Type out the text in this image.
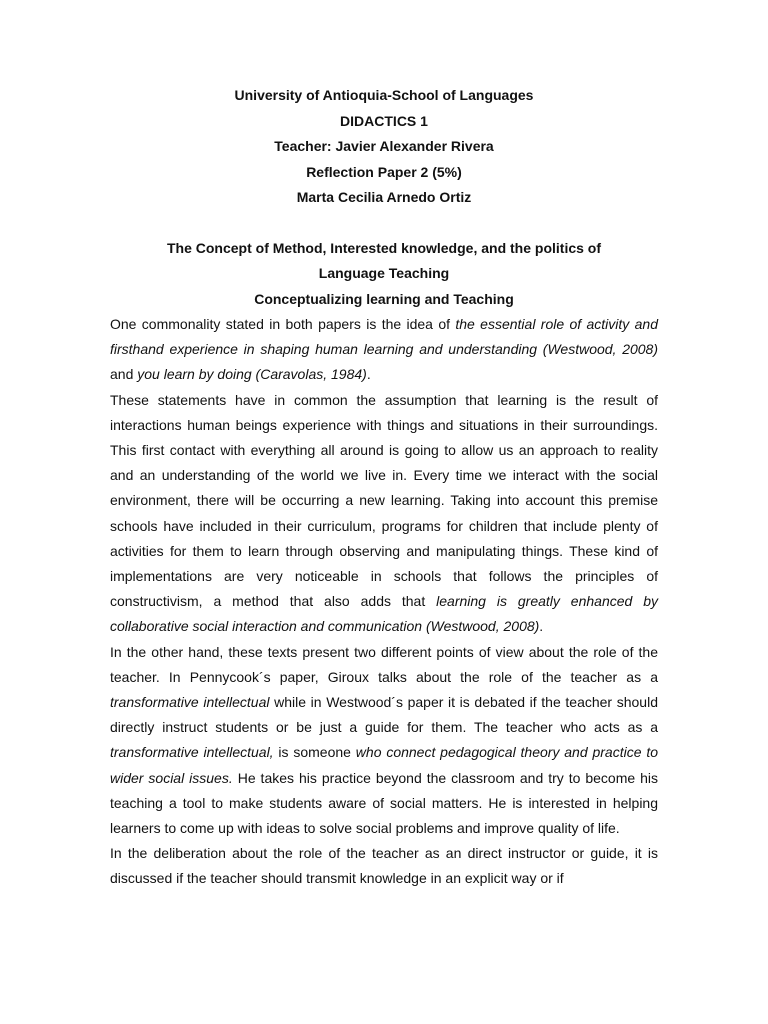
University of Antioquia-School of Languages

DIDACTICS 1

Teacher: Javier Alexander Rivera

Reflection Paper 2 (5%)

Marta Cecilia Arnedo Ortiz

The Concept of Method, Interested knowledge, and the politics of

Language Teaching

Conceptualizing learning and Teaching

One commonality stated in both papers is the idea of the essential role of activity and firsthand experience in shaping human learning and understanding (Westwood, 2008) and you learn by doing (Caravolas, 1984).

These statements have in common the assumption that learning is the result of interactions human beings experience with things and situations in their surroundings. This first contact with everything all around is going to allow us an approach to reality and an understanding of the world we live in. Every time we interact with the social environment, there will be occurring a new learning. Taking into account this premise schools have included in their curriculum, programs for children that include plenty of activities for them to learn through observing and manipulating things. These kind of implementations are very noticeable in schools that follows the principles of constructivism, a method that also adds that learning is greatly enhanced by collaborative social interaction and communication (Westwood, 2008).

In the other hand, these texts present two different points of view about the role of the teacher. In Pennycook´s paper, Giroux talks about the role of the teacher as a transformative intellectual while in Westwood´s paper it is debated if the teacher should directly instruct students or be just a guide for them. The teacher who acts as a transformative intellectual, is someone who connect pedagogical theory and practice to wider social issues. He takes his practice beyond the classroom and try to become his teaching a tool to make students aware of social matters. He is interested in helping learners to come up with ideas to solve social problems and improve quality of life.

In the deliberation about the role of the teacher as an direct instructor or guide, it is discussed if the teacher should transmit knowledge in an explicit way or if
